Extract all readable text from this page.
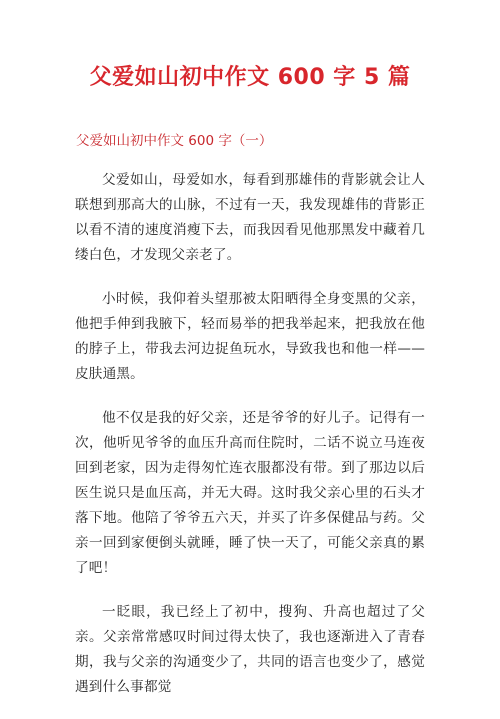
父爱如山初中作文 600 字 5 篇
父爱如山初中作文 600 字（一）

父爱如山，母爱如水，每看到那雄伟的背影就会让人联想到那高大的山脉，不过有一天，我发现雄伟的背影正以看不清的速度消瘦下去，而我因看见他那黑发中藏着几缕白色，才发现父亲老了。

小时候，我仰着头望那被太阳晒得全身变黑的父亲，他把手伸到我腋下，轻而易举的把我举起来，把我放在他的脖子上，带我去河边捉鱼玩水，导致我也和他一样——皮肤通黑。

他不仅是我的好父亲，还是爷爷的好儿子。记得有一次，他听见爷爷的血压升高而住院时，二话不说立马连夜回到老家，因为走得匆忙连衣服都没有带。到了那边以后医生说只是血压高，并无大碍。这时我父亲心里的石头才落下地。他陪了爷爷五六天，并买了许多保健品与药。父亲一回到家便倒头就睡，睡了快一天了，可能父亲真的累了吧！

一眨眼，我已经上了初中，搜狗、升高也超过了父亲。父亲常常感叹时间过得太快了，我也逐渐进入了青春期，我与父亲的沟通变少了，共同的语言也变少了，感觉遇到什么事都觉
